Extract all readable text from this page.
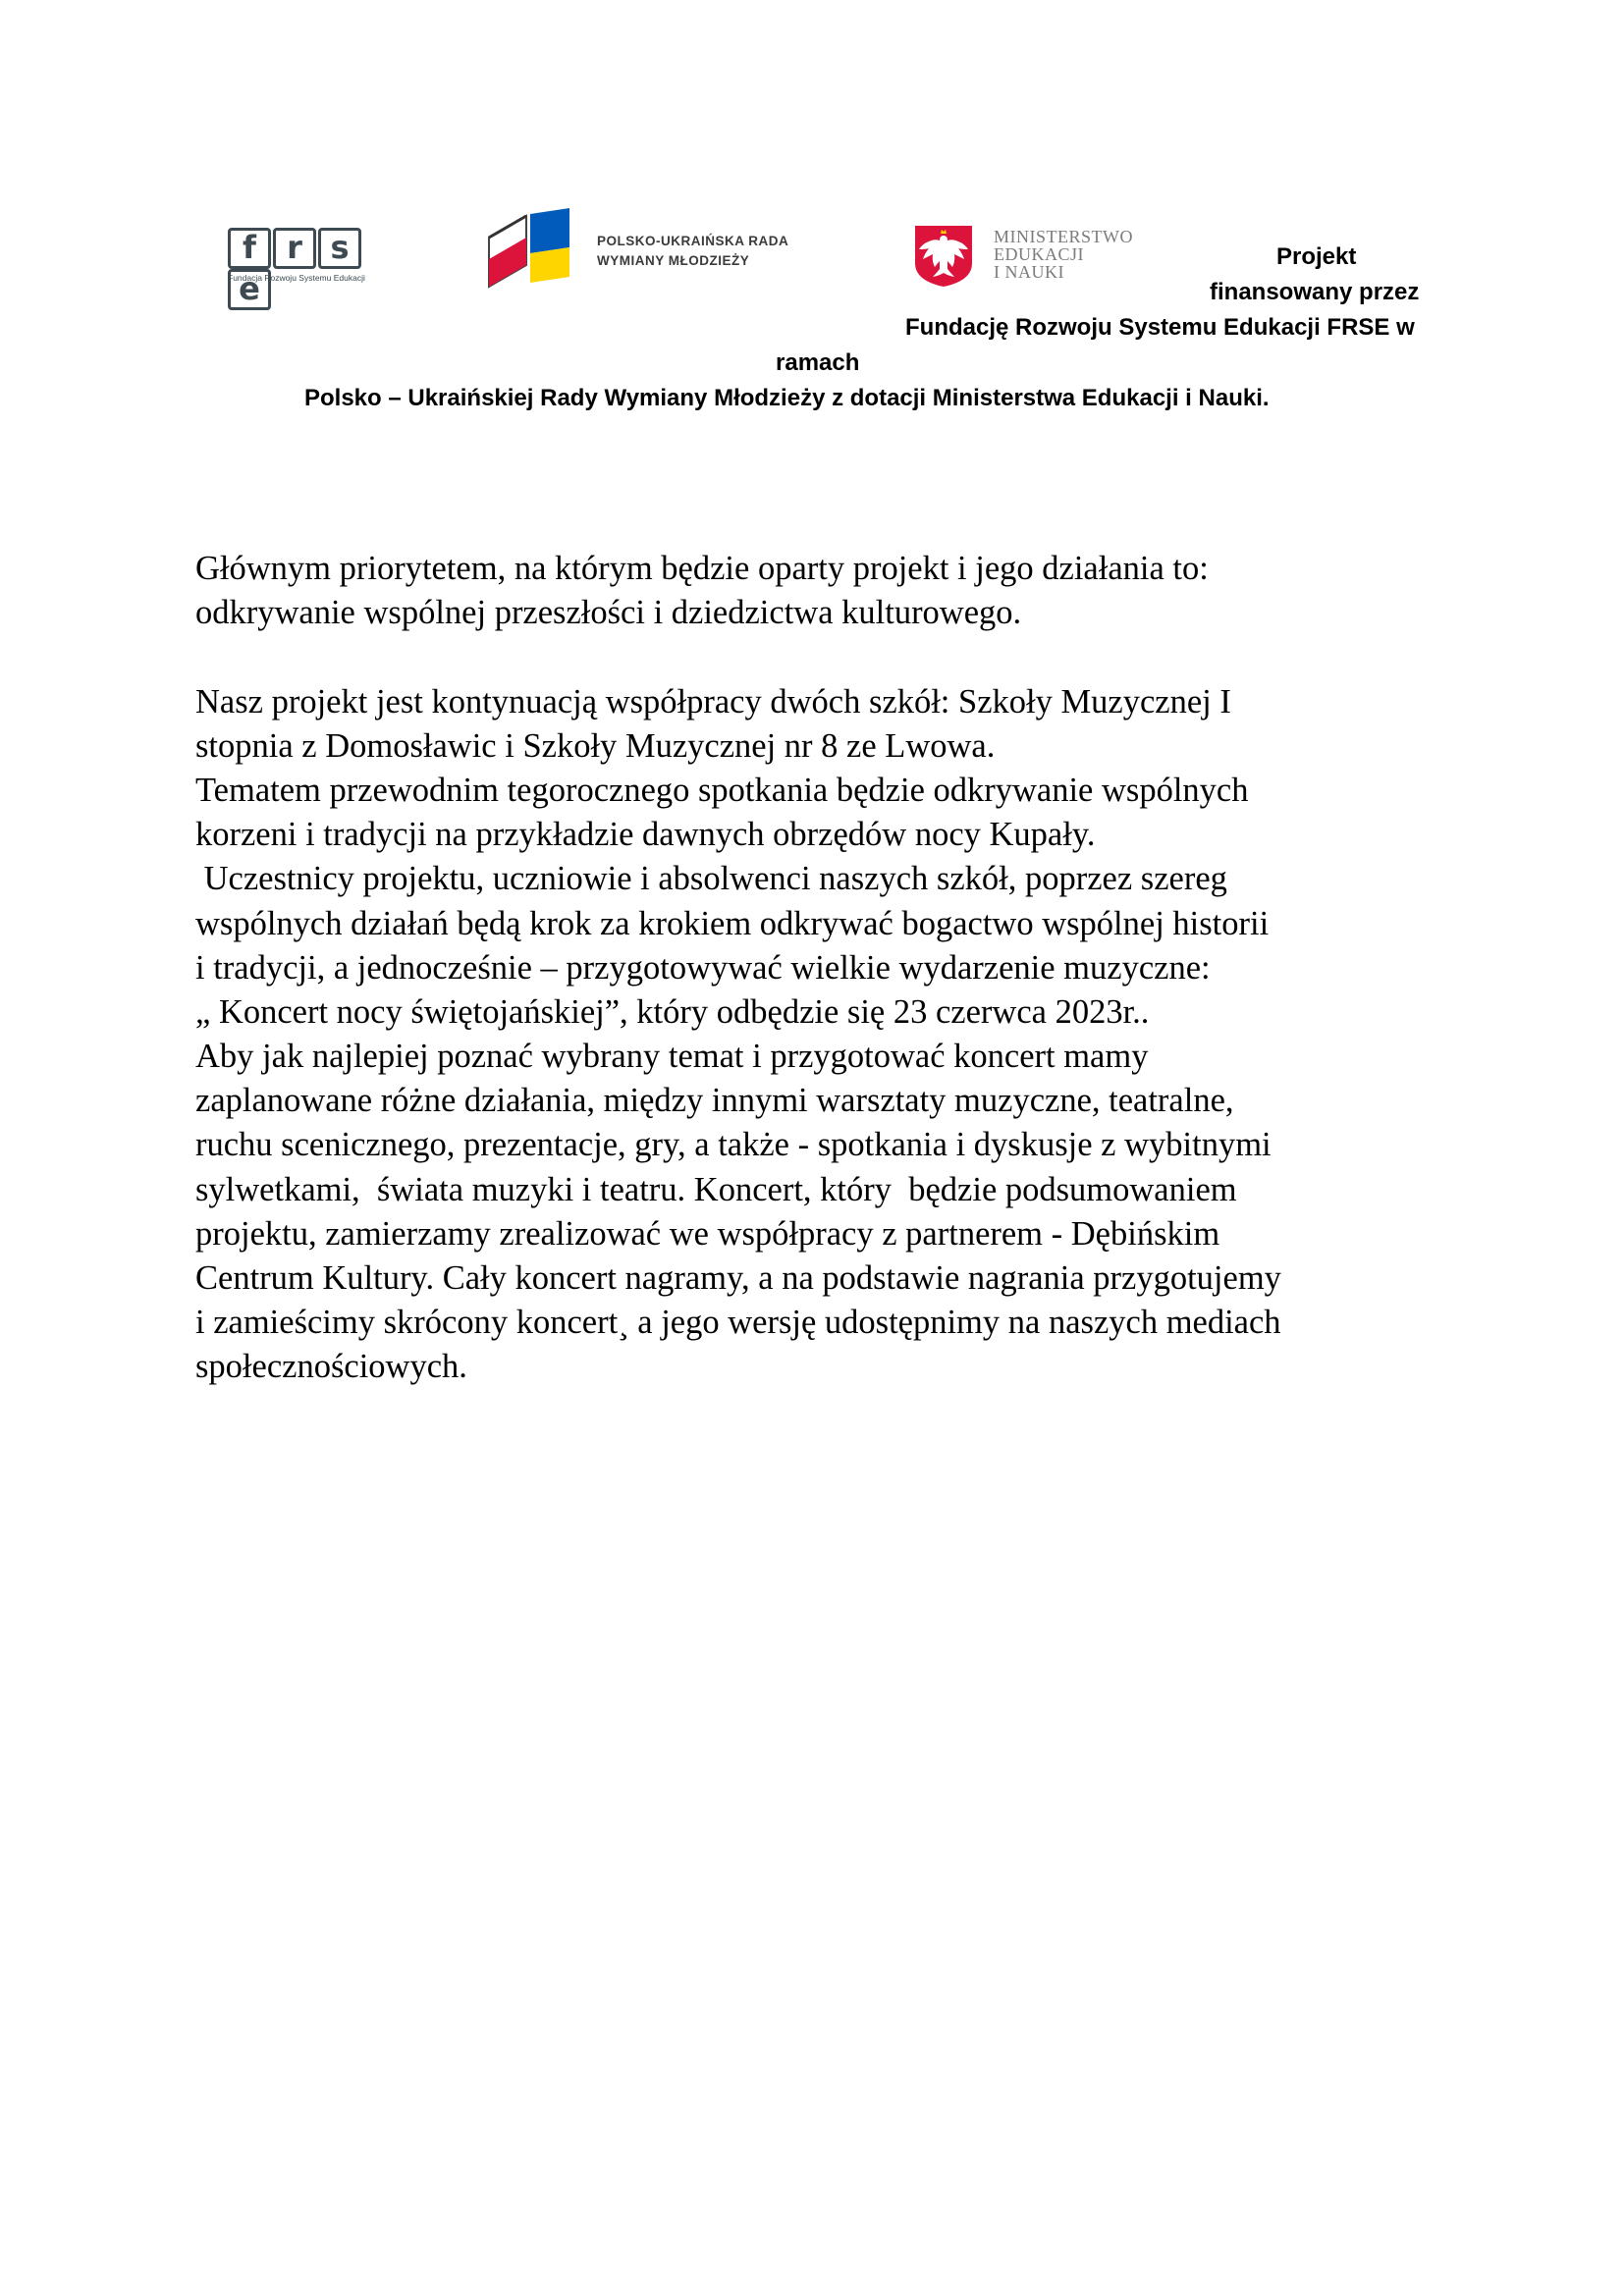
f r se
Fundacja Rozwoju Systemu Edukacji
POLSKO-UKRAIŃSKA RADA
WYMIANY MŁODZIEŻY
MINISTERSTWO
EDUKACJI
I NAUKI
Projekt
finansowany przez
Fundację Rozwoju Systemu Edukacji FRSE w
ramach
Polsko – Ukraińskiej Rady Wymiany Młodzieży z dotacji Ministerstwa Edukacji i Nauki.
Głównym priorytetem, na którym będzie oparty projekt i jego działania to:
odkrywanie wspólnej przeszłości i dziedzictwa kulturowego.
Nasz projekt jest kontynuacją współpracy dwóch szkół: Szkoły Muzycznej I
stopnia z Domosławic i Szkoły Muzycznej nr 8 ze Lwowa.
Tematem przewodnim tegorocznego spotkania będzie odkrywanie wspólnych
korzeni i tradycji na przykładzie dawnych obrzędów nocy Kupały.
Uczestnicy projektu, uczniowie i absolwenci naszych szkół, poprzez szereg
wspólnych działań będą krok za krokiem odkrywać bogactwo wspólnej historii
i tradycji, a jednocześnie – przygotowywać wielkie wydarzenie muzyczne:
„ Koncert nocy świętojańskiej”, który odbędzie się 23 czerwca 2023r..
Aby jak najlepiej poznać wybrany temat i przygotować koncert mamy
zaplanowane różne działania, między innymi warsztaty muzyczne, teatralne,
ruchu scenicznego, prezentacje, gry, a także - spotkania i dyskusje z wybitnymi
sylwetkami,  świata muzyki i teatru. Koncert, który  będzie podsumowaniem
projektu, zamierzamy zrealizować we współpracy z partnerem - Dębińskim
Centrum Kultury. Cały koncert nagramy, a na podstawie nagrania przygotujemy
i zamieścimy skrócony koncert¸ a jego wersję udostępnimy na naszych mediach
społecznościowych.
